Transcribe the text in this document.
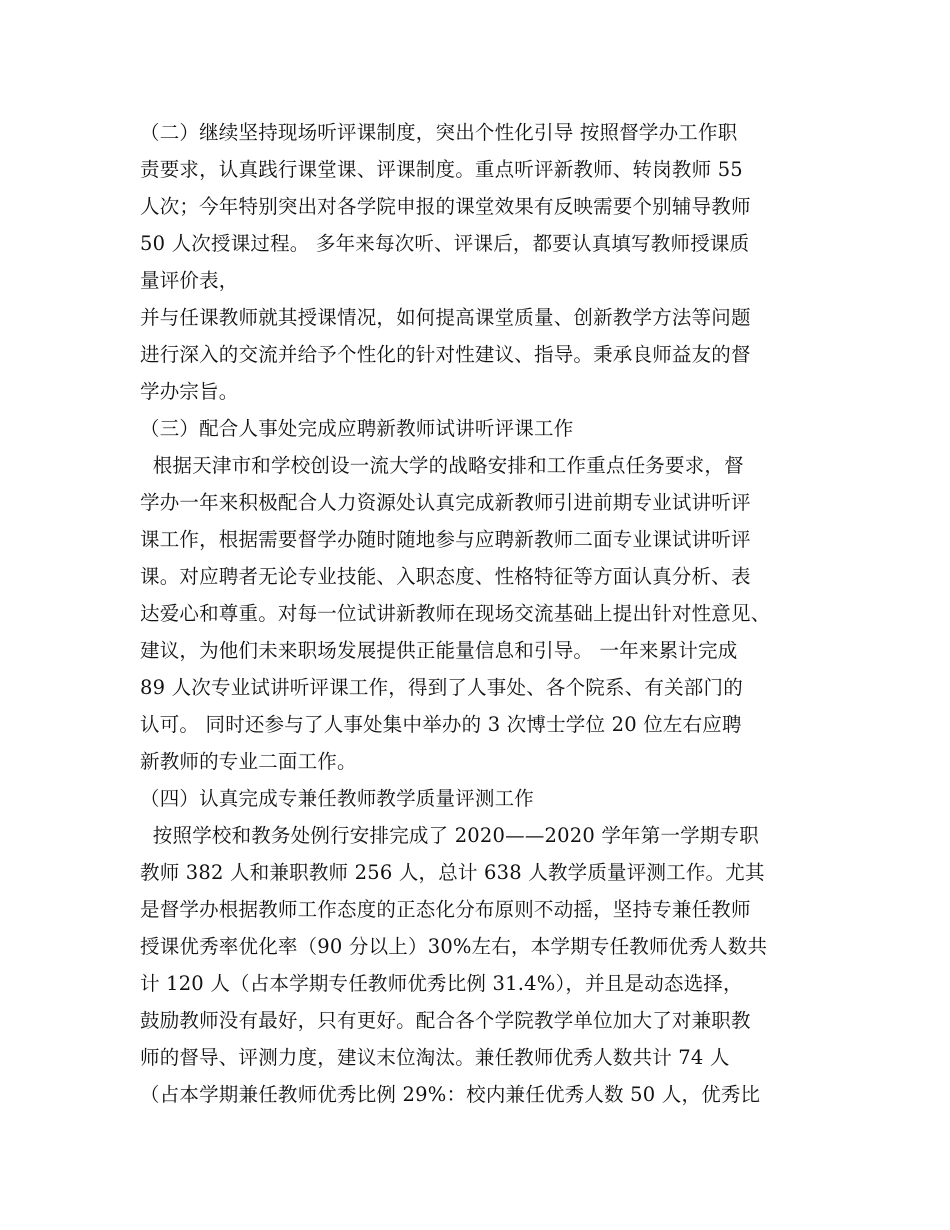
（二）继续坚持现场听评课制度，突出个性化引导 按照督学办工作职
责要求，认真践行课堂课、评课制度。重点听评新教师、转岗教师 55
人次；今年特别突出对各学院申报的课堂效果有反映需要个别辅导教师
50 人次授课过程。 多年来每次听、评课后，都要认真填写教师授课质
量评价表，
并与任课教师就其授课情况，如何提高课堂质量、创新教学方法等问题
进行深入的交流并给予个性化的针对性建议、指导。秉承良师益友的督
学办宗旨。
（三）配合人事处完成应聘新教师试讲听评课工作
根据天津市和学校创设一流大学的战略安排和工作重点任务要求，督
学办一年来积极配合人力资源处认真完成新教师引进前期专业试讲听评
课工作，根据需要督学办随时随地参与应聘新教师二面专业课试讲听评
课。对应聘者无论专业技能、入职态度、性格特征等方面认真分析、表
达爱心和尊重。对每一位试讲新教师在现场交流基础上提出针对性意见、
建议，为他们未来职场发展提供正能量信息和引导。 一年来累计完成
89 人次专业试讲听评课工作，得到了人事处、各个院系、有关部门的
认可。 同时还参与了人事处集中举办的 3 次博士学位 20 位左右应聘
新教师的专业二面工作。
（四）认真完成专兼任教师教学质量评测工作
按照学校和教务处例行安排完成了 2020——2020 学年第一学期专职
教师 382 人和兼职教师 256 人，总计 638 人教学质量评测工作。尤其
是督学办根据教师工作态度的正态化分布原则不动摇，坚持专兼任教师
授课优秀率优化率（90 分以上）30%左右，本学期专任教师优秀人数共
计 120 人（占本学期专任教师优秀比例 31.4%），并且是动态选择，
鼓励教师没有最好，只有更好。配合各个学院教学单位加大了对兼职教
师的督导、评测力度，建议末位淘汰。兼任教师优秀人数共计 74 人
（占本学期兼任教师优秀比例 29%：校内兼任优秀人数 50 人，优秀比
